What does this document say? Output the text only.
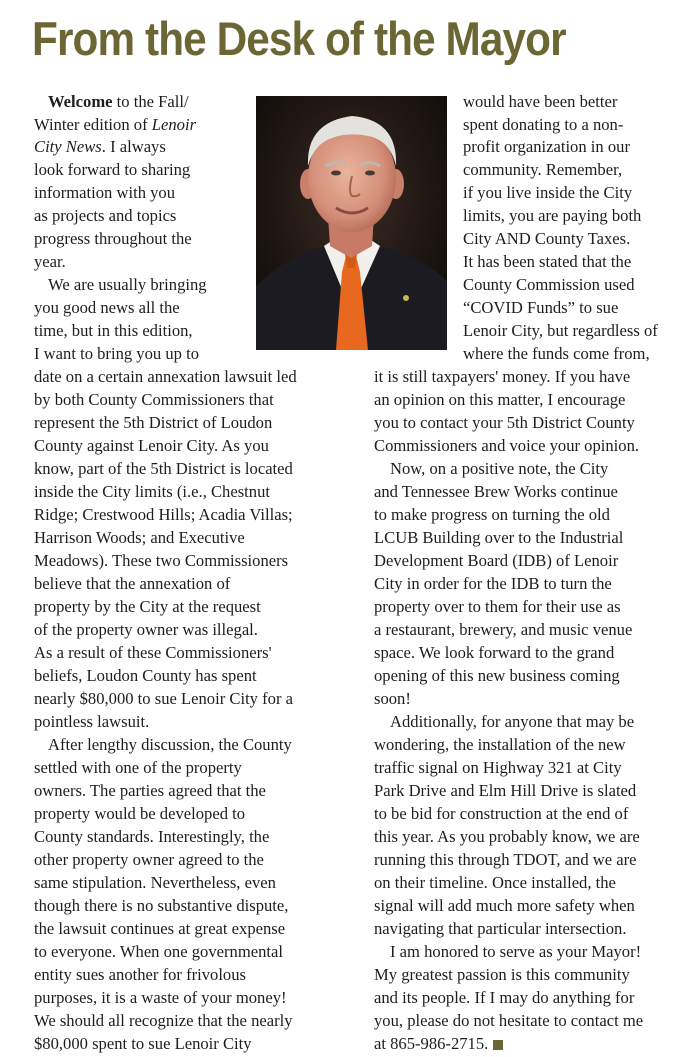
From the Desk of the Mayor
Welcome to the Fall/
Winter edition of Lenoir
City News. I always
look forward to sharing
information with you
as projects and topics
progress throughout the
year.
We are usually bringing
you good news all the
time, but in this edition,
I want to bring you up to
date on a certain annexation lawsuit led
by both County Commissioners that
represent the 5th District of Loudon
County against Lenoir City. As you
know, part of the 5th District is located
inside the City limits (i.e., Chestnut
Ridge; Crestwood Hills; Acadia Villas;
Harrison Woods; and Executive
Meadows). These two Commissioners
believe that the annexation of
property by the City at the request
of the property owner was illegal.
As a result of these Commissioners'
beliefs, Loudon County has spent
nearly $80,000 to sue Lenoir City for a
pointless lawsuit.
After lengthy discussion, the County
settled with one of the property
owners. The parties agreed that the
property would be developed to
County standards. Interestingly, the
other property owner agreed to the
same stipulation. Nevertheless, even
though there is no substantive dispute,
the lawsuit continues at great expense
to everyone. When one governmental
entity sues another for frivolous
purposes, it is a waste of your money!
We should all recognize that the nearly
$80,000 spent to sue Lenoir City
would have been better
spent donating to a non-
profit organization in our
community. Remember,
if you live inside the City
limits, you are paying both
City AND County Taxes.
It has been stated that the
County Commission used
“COVID Funds” to sue
Lenoir City, but regardless of
where the funds come from,
it is still taxpayers' money. If you have
an opinion on this matter, I encourage
you to contact your 5th District County
Commissioners and voice your opinion.
Now, on a positive note, the City
and Tennessee Brew Works continue
to make progress on turning the old
LCUB Building over to the Industrial
Development Board (IDB) of Lenoir
City in order for the IDB to turn the
property over to them for their use as
a restaurant, brewery, and music venue
space. We look forward to the grand
opening of this new business coming
soon!
Additionally, for anyone that may be
wondering, the installation of the new
traffic signal on Highway 321 at City
Park Drive and Elm Hill Drive is slated
to be bid for construction at the end of
this year. As you probably know, we are
running this through TDOT, and we are
on their timeline. Once installed, the
signal will add much more safety when
navigating that particular intersection.
I am honored to serve as your Mayor!
My greatest passion is this community
and its people. If I may do anything for
you, please do not hesitate to contact me
at 865-986-2715.
